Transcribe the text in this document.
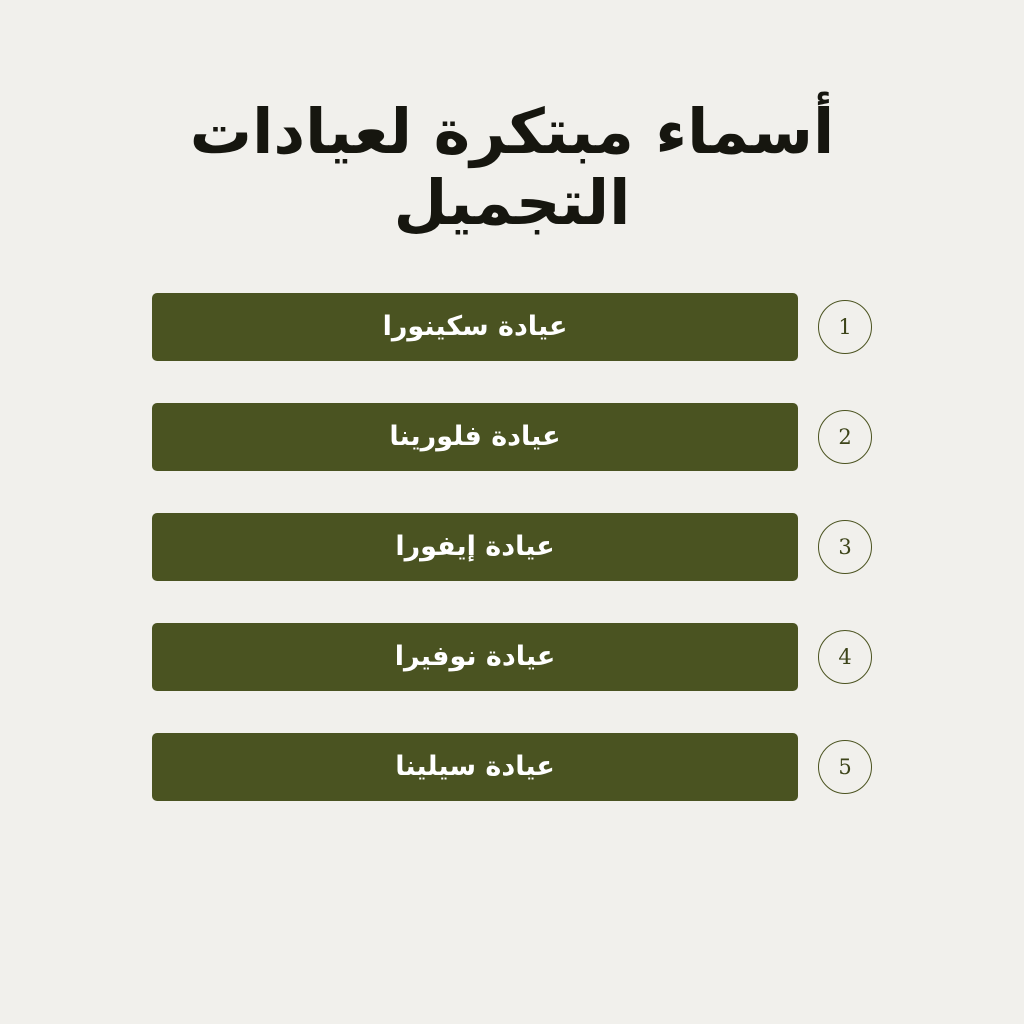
أسماء مبتكرة لعيادات التجميل
1
عيادة سكينورا
2
عيادة فلورينا
3
عيادة إيفورا
4
عيادة نوفيرا
5
عيادة سيلينا
